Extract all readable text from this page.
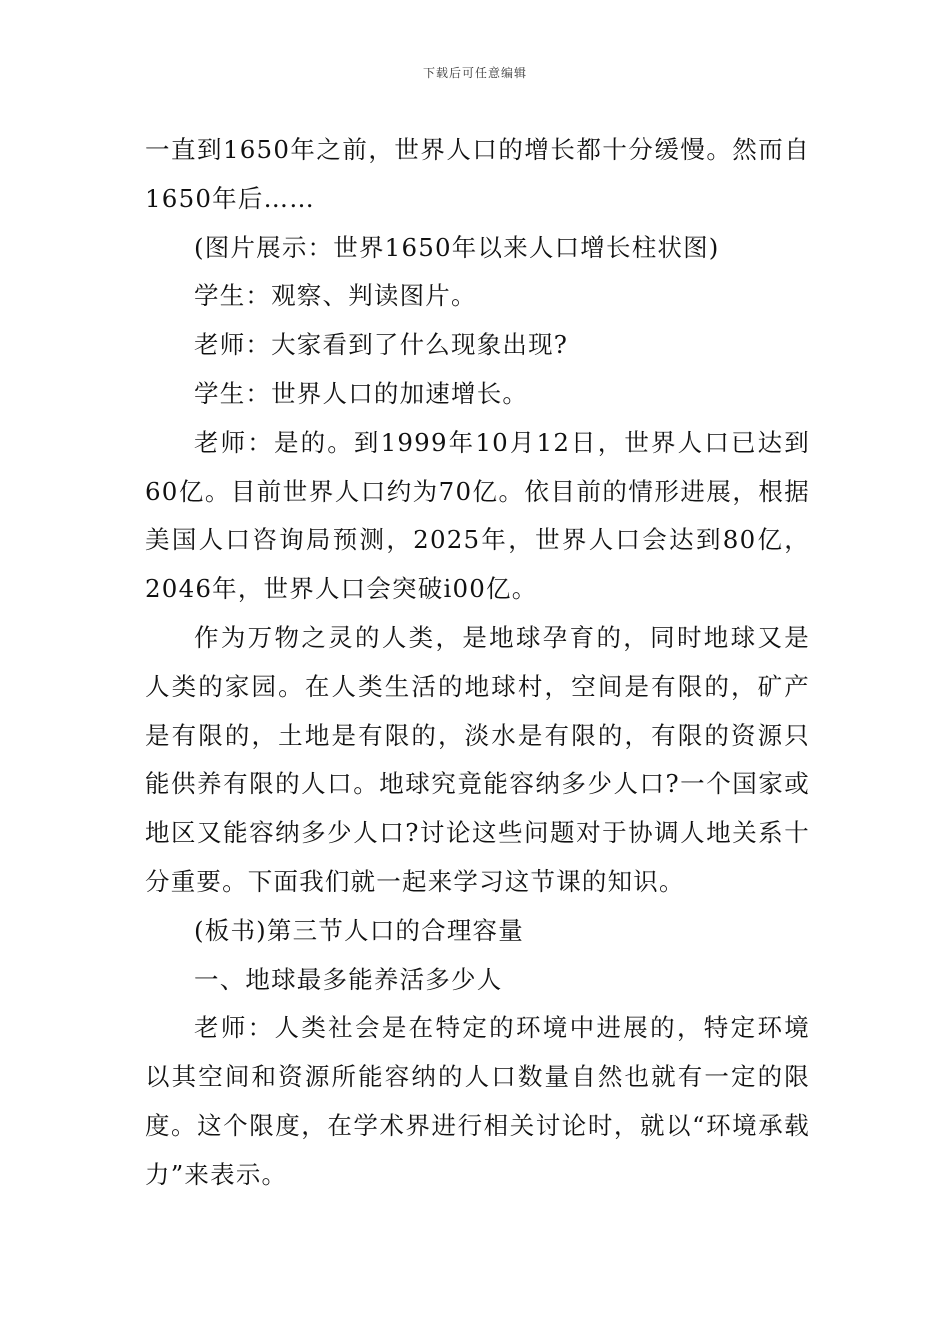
下载后可任意编辑

一直到1650年之前，世界人口的增长都十分缓慢。然而自1650年后……

(图片展示：世界1650年以来人口增长柱状图)

学生：观察、判读图片。

老师：大家看到了什么现象出现?

学生：世界人口的加速增长。

老师：是的。到1999年10月12日，世界人口已达到60亿。目前世界人口约为70亿。依目前的情形进展，根据美国人口咨询局预测，2025年，世界人口会达到80亿，2046年，世界人口会突破i00亿。

作为万物之灵的人类，是地球孕育的，同时地球又是人类的家园。在人类生活的地球村，空间是有限的，矿产是有限的，土地是有限的，淡水是有限的，有限的资源只能供养有限的人口。地球究竟能容纳多少人口?一个国家或地区又能容纳多少人口?讨论这些问题对于协调人地关系十分重要。下面我们就一起来学习这节课的知识。

(板书)第三节人口的合理容量

一、地球最多能养活多少人

老师：人类社会是在特定的环境中进展的，特定环境以其空间和资源所能容纳的人口数量自然也就有一定的限度。这个限度，在学术界进行相关讨论时，就以“环境承载力”来表示。
